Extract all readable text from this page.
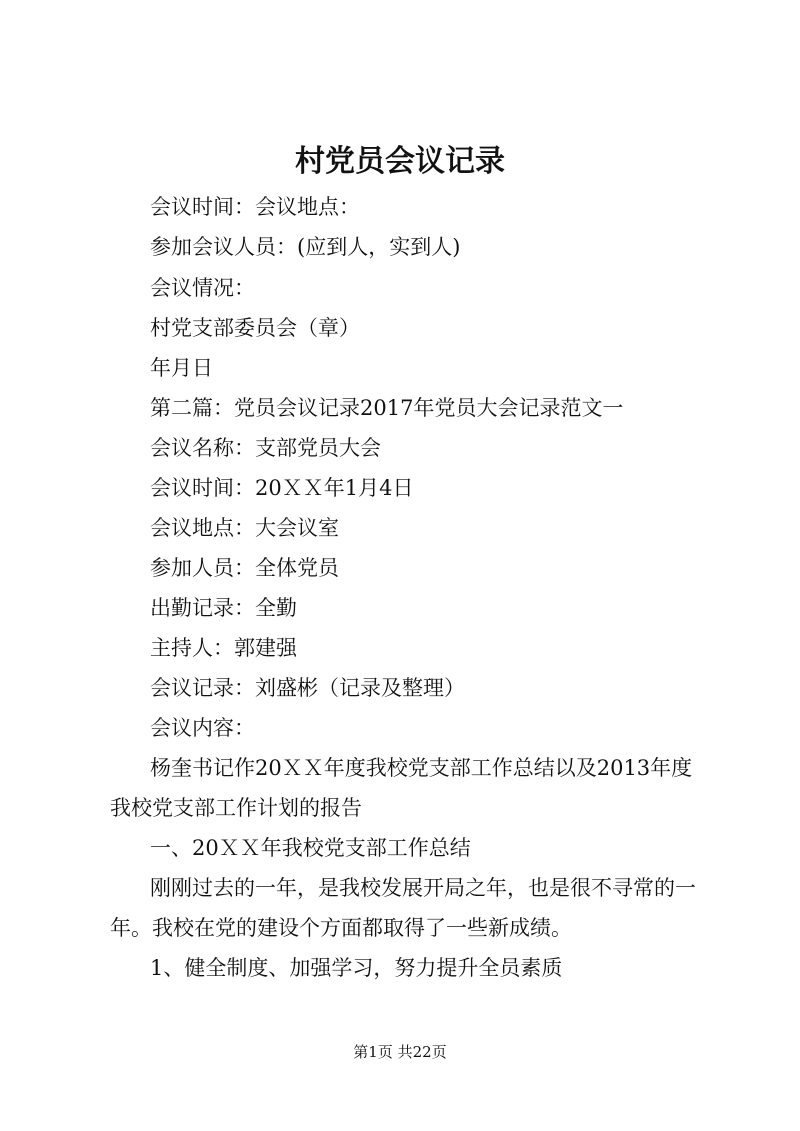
村党员会议记录

会议时间：会议地点：

参加会议人员：(应到人，实到人)

会议情况：

村党支部委员会（章）

年月日

第二篇：党员会议记录2017年党员大会记录范文一

会议名称：支部党员大会

会议时间：20ＸＸ年1月4日

会议地点：大会议室

参加人员：全体党员

出勤记录：全勤

主持人：郭建强

会议记录：刘盛彬（记录及整理）

会议内容：

杨奎书记作20ＸＸ年度我校党支部工作总结以及2013年度

我校党支部工作计划的报告

一、20ＸＸ年我校党支部工作总结

刚刚过去的一年，是我校发展开局之年，也是很不寻常的一

年。我校在党的建设个方面都取得了一些新成绩。

1、健全制度、加强学习，努力提升全员素质

第1页 共22页
